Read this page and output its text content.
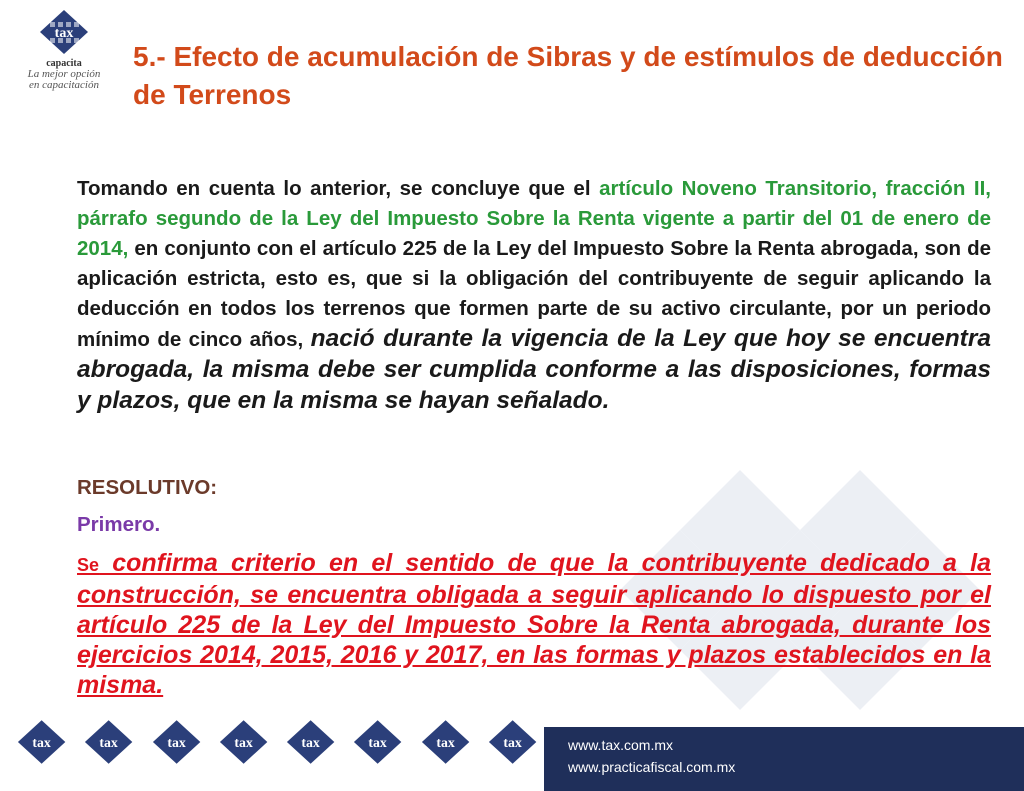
tax
capacita
La mejor opción
en capacitación
5.- Efecto de acumulación de Sibras y de estímulos de deducción de Terrenos

Tomando en cuenta lo anterior, se concluye que el artículo Noveno Transitorio, fracción II, párrafo segundo de la Ley del Impuesto Sobre la Renta vigente a partir del 01 de enero de 2014, en conjunto con el artículo 225 de la Ley del Impuesto Sobre la Renta abrogada, son de aplicación estricta, esto es, que si la obligación del contribuyente de seguir aplicando la deducción en todos los terrenos que formen parte de su activo circulante, por un periodo mínimo de cinco años, nació durante la vigencia de la Ley que hoy se encuentra abrogada, la misma debe ser cumplida conforme a las disposiciones, formas y plazos, que en la misma se hayan señalado.

RESOLUTIVO:

Primero.

Se confirma criterio en el sentido de que la contribuyente dedicado a la construcción, se encuentra obligada a seguir aplicando lo dispuesto por el artículo 225 de la Ley del Impuesto Sobre la Renta abrogada, durante los ejercicios 2014, 2015, 2016 y 2017, en las formas y plazos establecidos en la misma.

tax	tax	tax	tax	tax	tax	tax	tax	www.tax.com.mx
www.practicafiscal.com.mx
